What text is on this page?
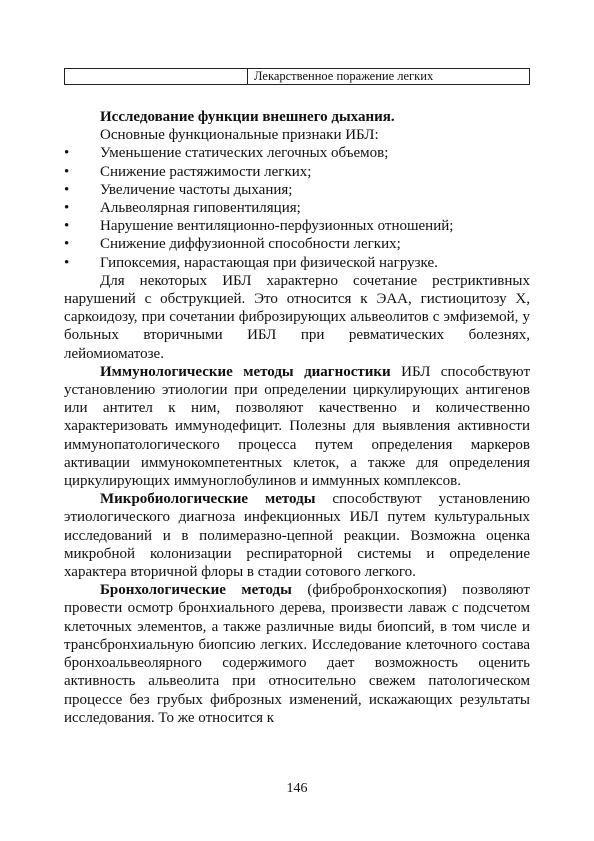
Лекарственное поражение легких

Исследование функции внешнего дыхания.

Основные функциональные признаки ИБЛ:

•	Уменьшение статических легочных объемов;
•	Снижение растяжимости легких;
•	Увеличение частоты дыхания;
•	Альвеолярная гиповентиляция;
•	Нарушение вентиляционно-перфузионных отношений;
•	Снижение диффузионной способности легких;
•	Гипоксемия, нарастающая при физической нагрузке.

Для некоторых ИБЛ характерно сочетание рестриктивных нарушений с обструкцией. Это относится к ЭАА, гистиоцитозу Х, саркоидозу, при сочетании фиброзирующих альвеолитов с эмфиземой, у больных вторичными ИБЛ при ревматических болезнях, лейомиоматозе.

Иммунологические методы диагностики ИБЛ способствуют установлению этиологии при определении циркулирующих антигенов или антител к ним, позволяют качественно и количественно характеризовать иммунодефицит. Полезны для выявления активности иммунопатологического процесса путем определения маркеров активации иммунокомпетентных клеток, а также для определения циркулирующих иммуноглобулинов и иммунных комплексов.

Микробиологические методы способствуют установлению этиологического диагноза инфекционных ИБЛ путем культуральных исследований и в полимеразно-цепной реакции. Возможна оценка микробной колонизации респираторной системы и определение характера вторичной флоры в стадии сотового легкого.

Бронхологические методы (фибробронхоскопия) позволяют провести осмотр бронхиального дерева, произвести лаваж с подсчетом клеточных элементов, а также различные виды биопсий, в том числе и трансбронхиальную биопсию легких. Исследование клеточного состава бронхоальвеолярного содержимого дает возможность оценить активность альвеолита при относительно свежем патологическом процессе без грубых фиброзных изменений, искажающих результаты исследования. То же относится к

146
